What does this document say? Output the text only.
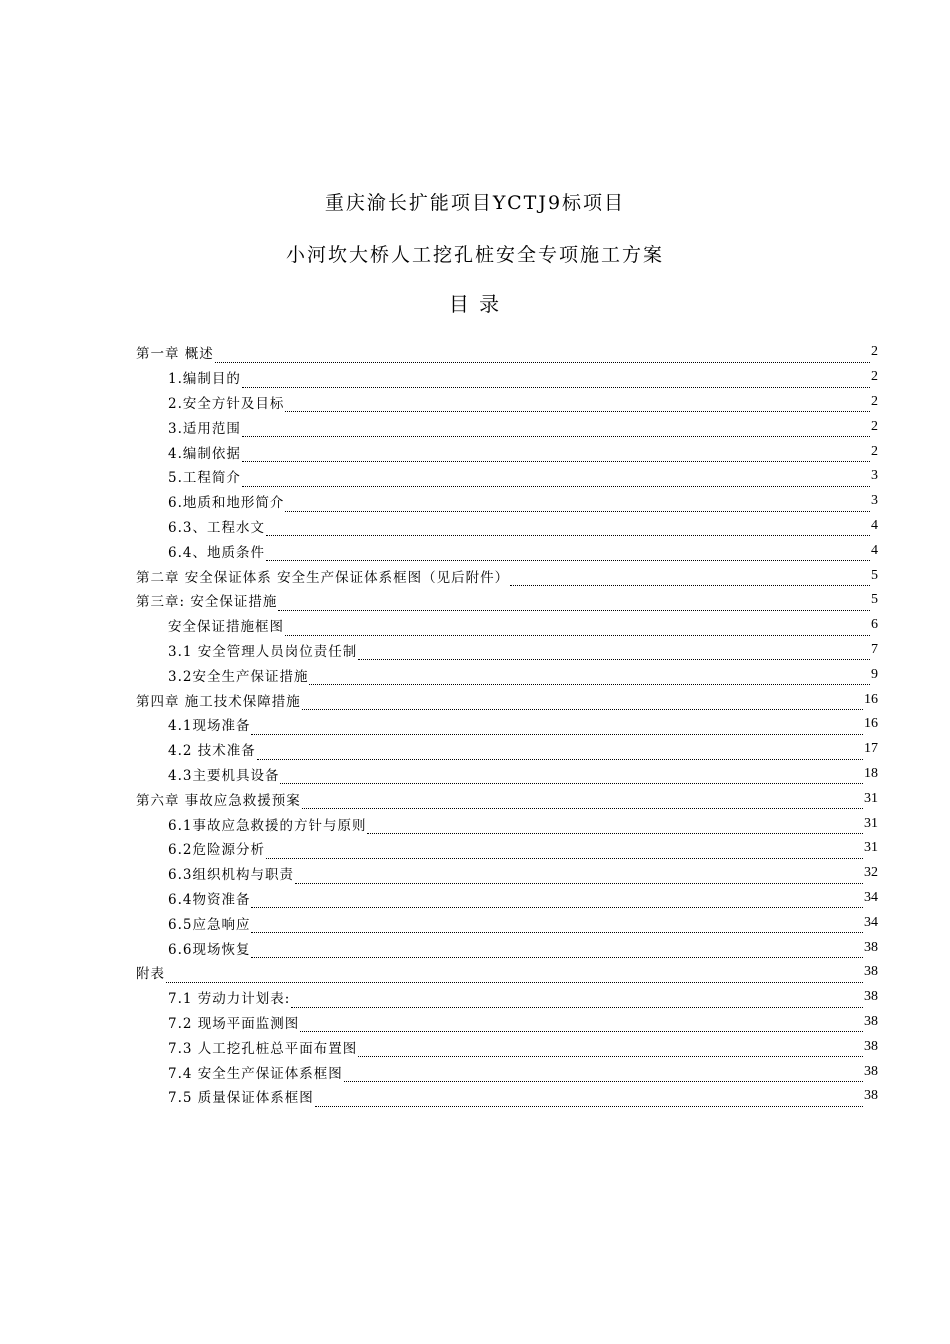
重庆渝长扩能项目YCTJ9标项目
小河坎大桥人工挖孔桩安全专项施工方案
目 录
第一章 概述	2
1.编制目的	2
2.安全方针及目标	2
3.适用范围	2
4.编制依据	2
5.工程简介	3
6.地质和地形简介	3
6.3、工程水文	4
6.4、地质条件	4
第二章 安全保证体系 安全生产保证体系框图（见后附件）	5
第三章: 安全保证措施	5
安全保证措施框图	6
3.1 安全管理人员岗位责任制	7
3.2安全生产保证措施	9
第四章 施工技术保障措施	16
4.1现场准备	16
4.2 技术准备	17
4.3主要机具设备	18
第六章 事故应急救援预案	31
6.1事故应急救援的方针与原则	31
6.2危险源分析	31
6.3组织机构与职责	32
6.4物资准备	34
6.5应急响应	34
6.6现场恢复	38
附表	38
7.1 劳动力计划表:	38
7.2 现场平面监测图	38
7.3 人工挖孔桩总平面布置图	38
7.4 安全生产保证体系框图	38
7.5 质量保证体系框图	38
